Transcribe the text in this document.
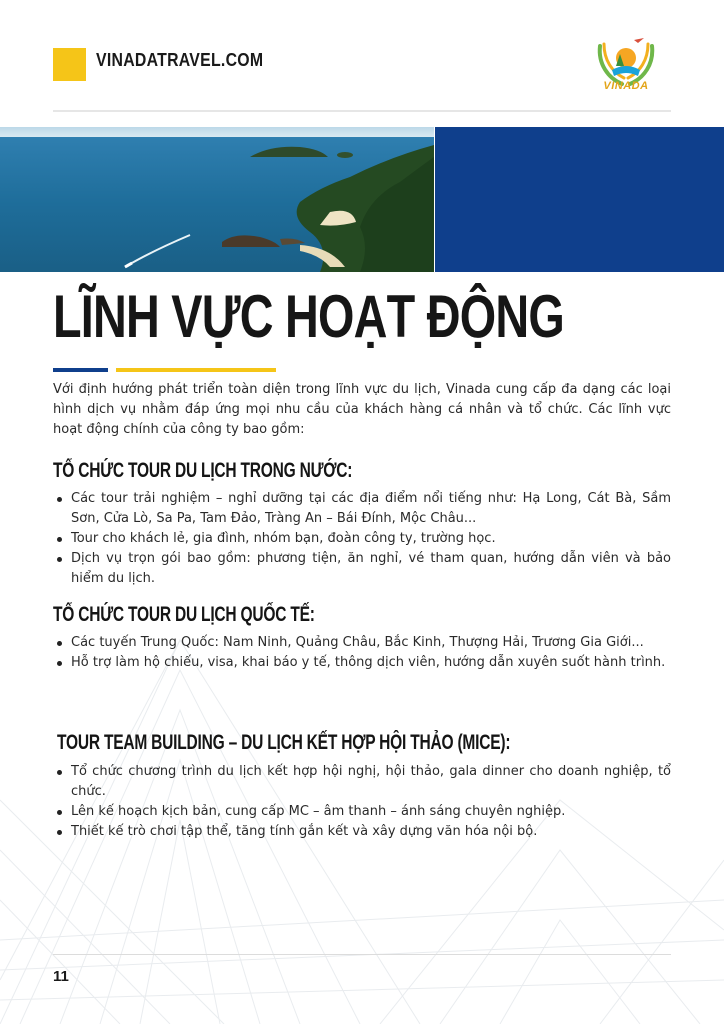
VINADATRAVEL.COM
VINADA
LĨNH VỰC HOẠT ĐỘNG

Với định hướng phát triển toàn diện trong lĩnh vực du lịch, Vinada cung cấp đa dạng các loại hình dịch vụ nhằm đáp ứng mọi nhu cầu của khách hàng cá nhân và tổ chức. Các lĩnh vực hoạt động chính của công ty bao gồm:

TỔ CHỨC TOUR DU LỊCH TRONG NƯỚC:
Các tour trải nghiệm – nghỉ dưỡng tại các địa điểm nổi tiếng như: Hạ Long, Cát Bà, Sầm Sơn, Cửa Lò, Sa Pa, Tam Đảo, Tràng An – Bái Đính, Mộc Châu...
Tour cho khách lẻ, gia đình, nhóm bạn, đoàn công ty, trường học.
Dịch vụ trọn gói bao gồm: phương tiện, ăn nghỉ, vé tham quan, hướng dẫn viên và bảo hiểm du lịch.
TỔ CHỨC TOUR DU LỊCH QUỐC TẾ:
Các tuyến Trung Quốc: Nam Ninh, Quảng Châu, Bắc Kinh, Thượng Hải, Trương Gia Giới...
Hỗ trợ làm hộ chiếu, visa, khai báo y tế, thông dịch viên, hướng dẫn xuyên suốt hành trình.
TOUR TEAM BUILDING – DU LỊCH KẾT HỢP HỘI THẢO (MICE):
Tổ chức chương trình du lịch kết hợp hội nghị, hội thảo, gala dinner cho doanh nghiệp, tổ chức.
Lên kế hoạch kịch bản, cung cấp MC – âm thanh – ánh sáng chuyên nghiệp.
Thiết kế trò chơi tập thể, tăng tính gắn kết và xây dựng văn hóa nội bộ.
11
